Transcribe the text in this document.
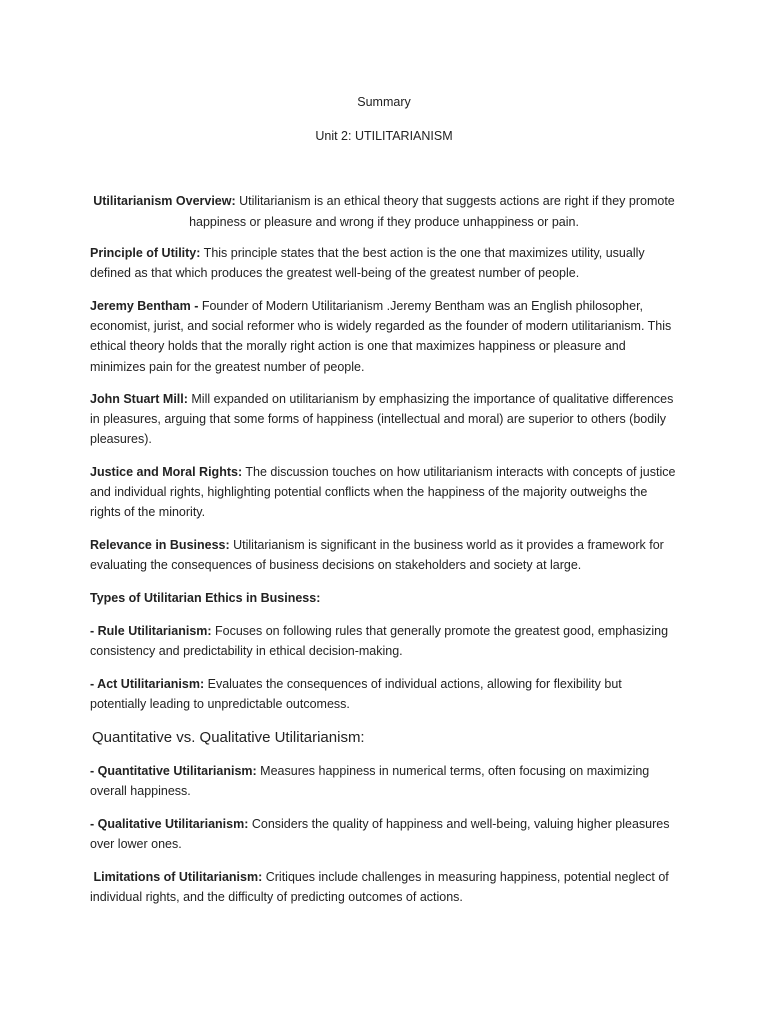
Summary
Unit 2: UTILITARIANISM
Utilitarianism Overview: Utilitarianism is an ethical theory that suggests actions are right if they promote happiness or pleasure and wrong if they produce unhappiness or pain.

Principle of Utility: This principle states that the best action is the one that maximizes utility, usually defined as that which produces the greatest well-being of the greatest number of people.

Jeremy Bentham - Founder of Modern Utilitarianism .Jeremy Bentham was an English philosopher, economist, jurist, and social reformer who is widely regarded as the founder of modern utilitarianism. This ethical theory holds that the morally right action is one that maximizes happiness or pleasure and minimizes pain for the greatest number of people.

John Stuart Mill: Mill expanded on utilitarianism by emphasizing the importance of qualitative differences in pleasures, arguing that some forms of happiness (intellectual and moral) are superior to others (bodily pleasures).

Justice and Moral Rights: The discussion touches on how utilitarianism interacts with concepts of justice and individual rights, highlighting potential conflicts when the happiness of the majority outweighs the rights of the minority.

Relevance in Business: Utilitarianism is significant in the business world as it provides a framework for evaluating the consequences of business decisions on stakeholders and society at large.

Types of Utilitarian Ethics in Business:

- Rule Utilitarianism: Focuses on following rules that generally promote the greatest good, emphasizing consistency and predictability in ethical decision-making.

- Act Utilitarianism: Evaluates the consequences of individual actions, allowing for flexibility but potentially leading to unpredictable outcomess.

Quantitative vs. Qualitative Utilitarianism:

- Quantitative Utilitarianism: Measures happiness in numerical terms, often focusing on maximizing overall happiness.

- Qualitative Utilitarianism: Considers the quality of happiness and well-being, valuing higher pleasures over lower ones.

Limitations of Utilitarianism: Critiques include challenges in measuring happiness, potential neglect of individual rights, and the difficulty of predicting outcomes of actions.
